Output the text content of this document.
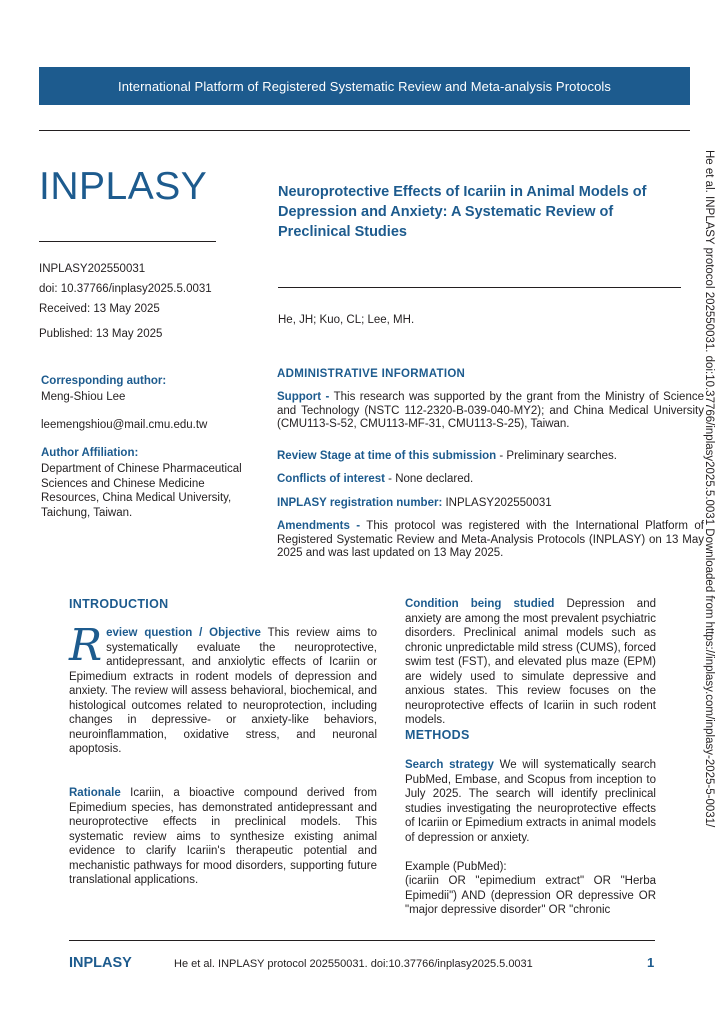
International Platform of Registered Systematic Review and Meta-analysis Protocols
INPLASY
INPLASY202550031
doi: 10.37766/inplasy2025.5.0031
Received: 13 May 2025
Published: 13 May 2025
Corresponding author:
Meng-Shiou Lee
leemengshiou@mail.cmu.edu.tw
Author Affiliation:
Department of Chinese Pharmaceutical Sciences and Chinese Medicine Resources, China Medical University, Taichung, Taiwan.
Neuroprotective Effects of Icariin in Animal Models of Depression and Anxiety: A Systematic Review of Preclinical Studies
He, JH; Kuo, CL; Lee, MH.
ADMINISTRATIVE INFORMATION
Support - This research was supported by the grant from the Ministry of Science and Technology (NSTC 112-2320-B-039-040-MY2); and China Medical University (CMU113-S-52, CMU113-MF-31, CMU113-S-25), Taiwan.
Review Stage at time of this submission - Preliminary searches.
Conflicts of interest - None declared.
INPLASY registration number: INPLASY202550031
Amendments - This protocol was registered with the International Platform of Registered Systematic Review and Meta-Analysis Protocols (INPLASY) on 13 May 2025 and was last updated on 13 May 2025.
INTRODUCTION
Review question / Objective This review aims to systematically evaluate the neuroprotective, antidepressant, and anxiolytic effects of Icariin or Epimedium extracts in rodent models of depression and anxiety. The review will assess behavioral, biochemical, and histological outcomes related to neuroprotection, including changes in depressive- or anxiety-like behaviors, neuroinflammation, oxidative stress, and neuronal apoptosis.
Rationale Icariin, a bioactive compound derived from Epimedium species, has demonstrated antidepressant and neuroprotective effects in preclinical models. This systematic review aims to synthesize existing animal evidence to clarify Icariin's therapeutic potential and mechanistic pathways for mood disorders, supporting future translational applications.
Condition being studied Depression and anxiety are among the most prevalent psychiatric disorders. Preclinical animal models such as chronic unpredictable mild stress (CUMS), forced swim test (FST), and elevated plus maze (EPM) are widely used to simulate depressive and anxious states. This review focuses on the neuroprotective effects of Icariin in such rodent models.
METHODS
Search strategy We will systematically search PubMed, Embase, and Scopus from inception to July 2025. The search will identify preclinical studies investigating the neuroprotective effects of Icariin or Epimedium extracts in animal models of depression or anxiety.
Example (PubMed):
(icariin OR "epimedium extract" OR "Herba Epimedii") AND (depression OR depressive OR "major depressive disorder" OR "chronic
He et al. INPLASY protocol 202550031. doi:10.37766/inplasy2025.5.0031 Downloaded from https://inplasy.com/inplasy-2025-5-0031/
INPLASY	He et al. INPLASY protocol 202550031. doi:10.37766/inplasy2025.5.0031	1
